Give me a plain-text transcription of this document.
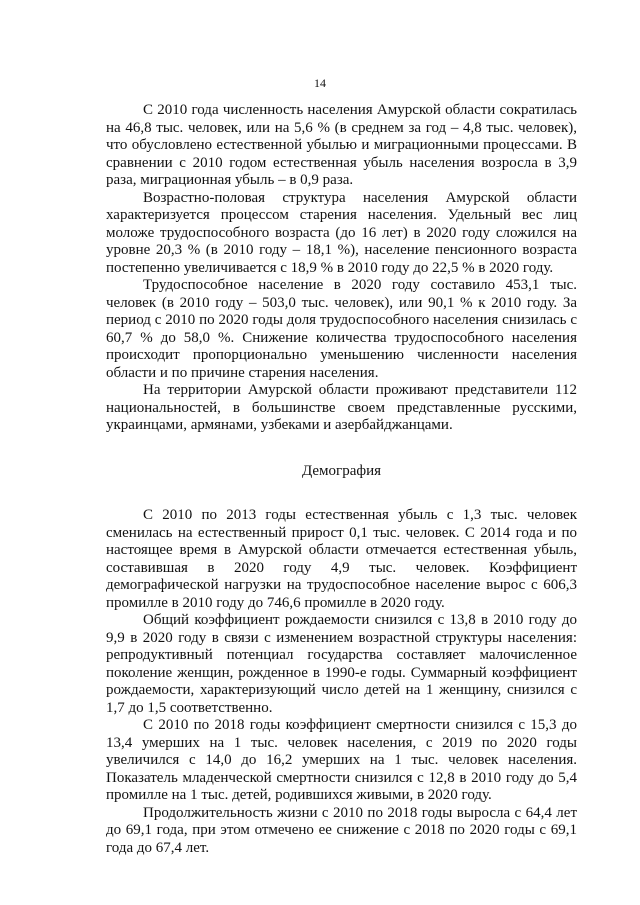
14

С 2010 года численность населения Амурской области сократилась на 46,8 тыс. человек, или на 5,6 % (в среднем за год – 4,8 тыс. человек), что обусловлено естественной убылью и миграционными процессами. В сравнении с 2010 годом естественная убыль населения возросла в 3,9 раза, миграционная убыль – в 0,9 раза.

Возрастно-половая структура населения Амурской области характеризуется процессом старения населения. Удельный вес лиц моложе трудоспособного возраста (до 16 лет) в 2020 году сложился на уровне 20,3 % (в 2010 году – 18,1 %), население пенсионного возраста постепенно увеличивается с 18,9 % в 2010 году до 22,5 % в 2020 году.

Трудоспособное население в 2020 году составило 453,1 тыс. человек (в 2010 году – 503,0 тыс. человек), или 90,1 % к 2010 году. За период с 2010 по 2020 годы доля трудоспособного населения снизилась с 60,7 % до 58,0 %. Снижение количества трудоспособного населения происходит пропорционально уменьшению численности населения области и по причине старения населения.

На территории Амурской области проживают представители 112 национальностей, в большинстве своем представленные русскими, украинцами, армянами, узбеками и азербайджанцами.

Демография

С 2010 по 2013 годы естественная убыль с 1,3 тыс. человек сменилась на естественный прирост 0,1 тыс. человек. С 2014 года и по настоящее время в Амурской области отмечается естественная убыль, составившая в 2020 году 4,9 тыс. человек. Коэффициент демографической нагрузки на трудоспособное население вырос с 606,3 промилле в 2010 году до 746,6 промилле в 2020 году.

Общий коэффициент рождаемости снизился с 13,8 в 2010 году до 9,9 в 2020 году в связи с изменением возрастной структуры населения: репродуктивный потенциал государства составляет малочисленное поколение женщин, рожденное в 1990-е годы. Суммарный коэффициент рождаемости, характеризующий число детей на 1 женщину, снизился с 1,7 до 1,5 соответственно.

С 2010 по 2018 годы коэффициент смертности снизился с 15,3 до 13,4 умерших на 1 тыс. человек населения, с 2019 по 2020 годы увеличился с 14,0 до 16,2 умерших на 1 тыс. человек населения. Показатель младенческой смертности снизился с 12,8 в 2010 году до 5,4 промилле на 1 тыс. детей, родившихся живыми, в 2020 году.

Продолжительность жизни с 2010 по 2018 годы выросла с 64,4 лет до 69,1 года, при этом отмечено ее снижение с 2018 по 2020 годы с 69,1 года до 67,4 лет.
